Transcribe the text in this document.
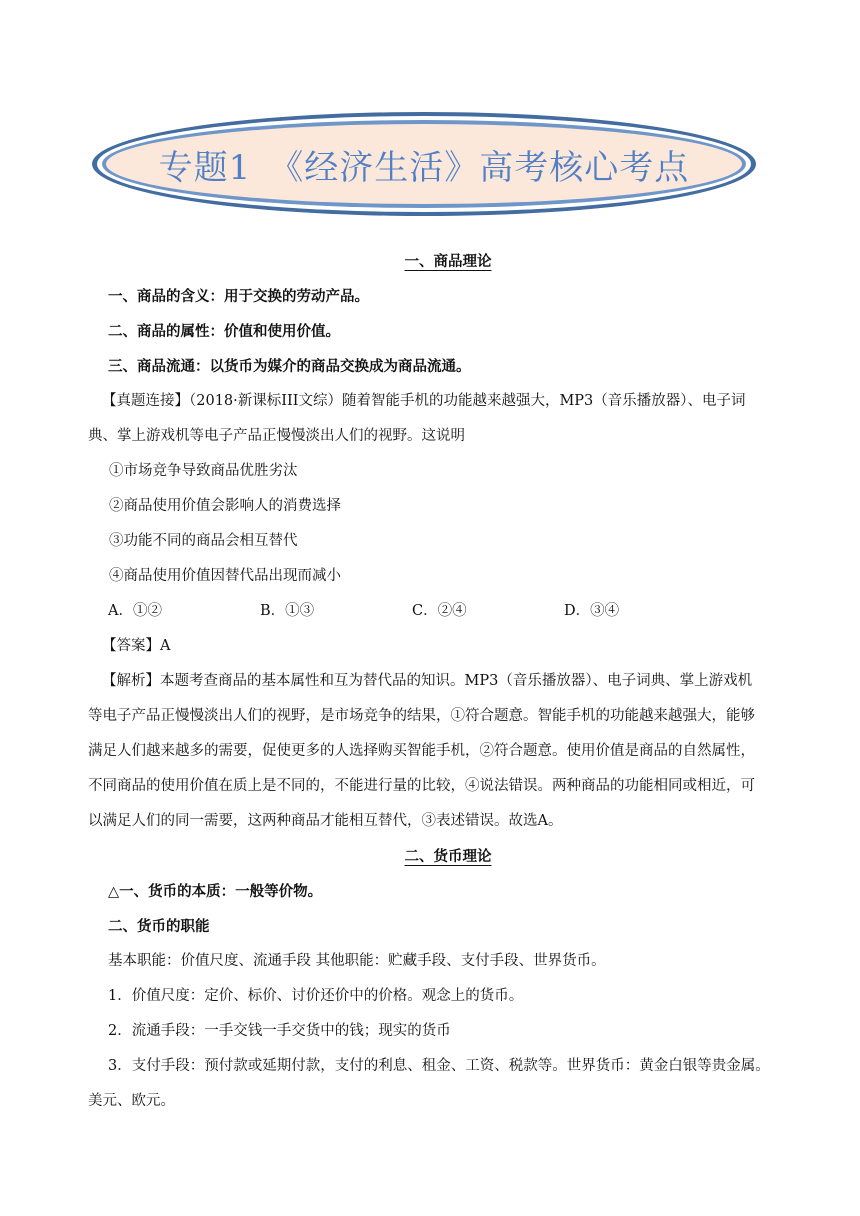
专题1　《经济生活》高考核心考点

一、商品理论

一、商品的含义：用于交换的劳动产品。

二、商品的属性：价值和使用价值。

三、商品流通：以货币为媒介的商品交换成为商品流通。

【真题连接】（2018·新课标III文综）随着智能手机的功能越来越强大，MP3（音乐播放器）、电子词

典、掌上游戏机等电子产品正慢慢淡出人们的视野。这说明

①市场竞争导致商品优胜劣汰

②商品使用价值会影响人的消费选择

③功能不同的商品会相互替代

④商品使用价值因替代品出现而减小

A．①②	B．①③	C．②④	D．③④

【答案】A

【解析】本题考查商品的基本属性和互为替代品的知识。MP3（音乐播放器）、电子词典、掌上游戏机

等电子产品正慢慢淡出人们的视野，是市场竞争的结果，①符合题意。智能手机的功能越来越强大，能够

满足人们越来越多的需要，促使更多的人选择购买智能手机，②符合题意。使用价值是商品的自然属性，

不同商品的使用价值在质上是不同的，不能进行量的比较，④说法错误。两种商品的功能相同或相近，可

以满足人们的同一需要，这两种商品才能相互替代，③表述错误。故选A。

二、货币理论

△一、货币的本质：一般等价物。

二、货币的职能

基本职能：价值尺度、流通手段 其他职能：贮藏手段、支付手段、世界货币。

1．价值尺度：定价、标价、讨价还价中的价格。观念上的货币。

2．流通手段：一手交钱一手交货中的钱；现实的货币

3．支付手段：预付款或延期付款，支付的利息、租金、工资、税款等。世界货币：黄金白银等贵金属。

美元、欧元。
